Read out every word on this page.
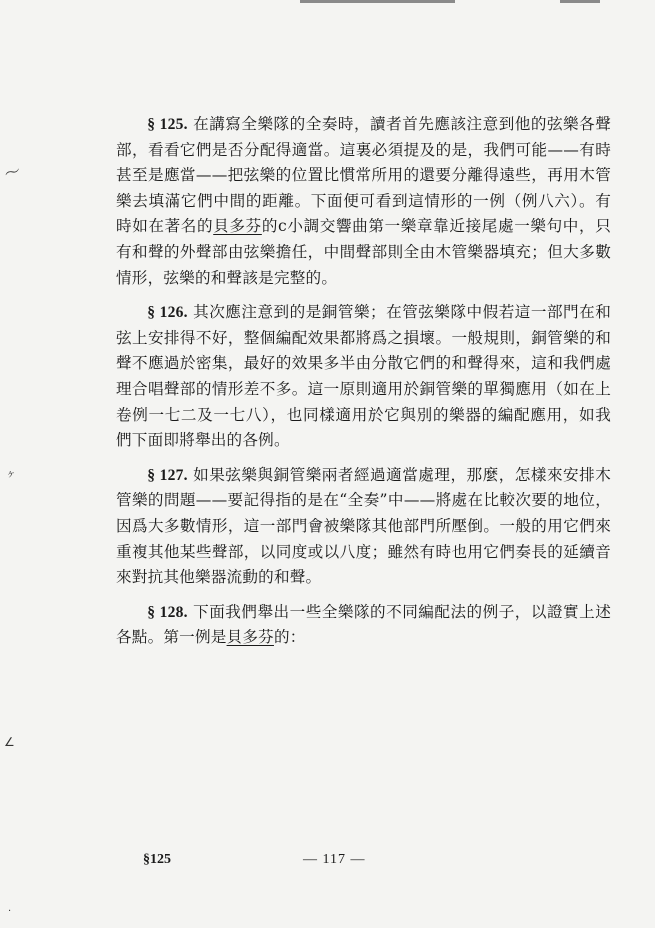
〜
ヶ
∠
·

§ 125. 在講寫全樂隊的全奏時，讀者首先應該注意到他的弦樂各聲部，看看它們是否分配得適當。這裏必須提及的是，我們可能——有時甚至是應當——把弦樂的位置比慣常所用的還要分離得遠些，再用木管樂去填滿它們中間的距離。下面便可看到這情形的一例（例八六）。有時如在著名的貝多芬的c小調交響曲第一樂章靠近接尾處一樂句中，只有和聲的外聲部由弦樂擔任，中間聲部則全由木管樂器填充；但大多數情形，弦樂的和聲該是完整的。

§ 126. 其次應注意到的是銅管樂；在管弦樂隊中假若這一部門在和弦上安排得不好，整個編配效果都將爲之損壞。一般規則，銅管樂的和聲不應過於密集，最好的效果多半由分散它們的和聲得來，這和我們處理合唱聲部的情形差不多。這一原則適用於銅管樂的單獨應用（如在上卷例一七二及一七八），也同樣適用於它與別的樂器的編配應用，如我們下面即將舉出的各例。

§ 127. 如果弦樂與銅管樂兩者經過適當處理，那麼，怎樣來安排木管樂的問題——要記得指的是在“全奏”中——將處在比較次要的地位，因爲大多數情形，這一部門會被樂隊其他部門所壓倒。一般的用它們來重複其他某些聲部，以同度或以八度；雖然有時也用它們奏長的延續音來對抗其他樂器流動的和聲。

§ 128. 下面我們舉出一些全樂隊的不同編配法的例子，以證實上述各點。第一例是貝多芬的：

§125	— 117 —
